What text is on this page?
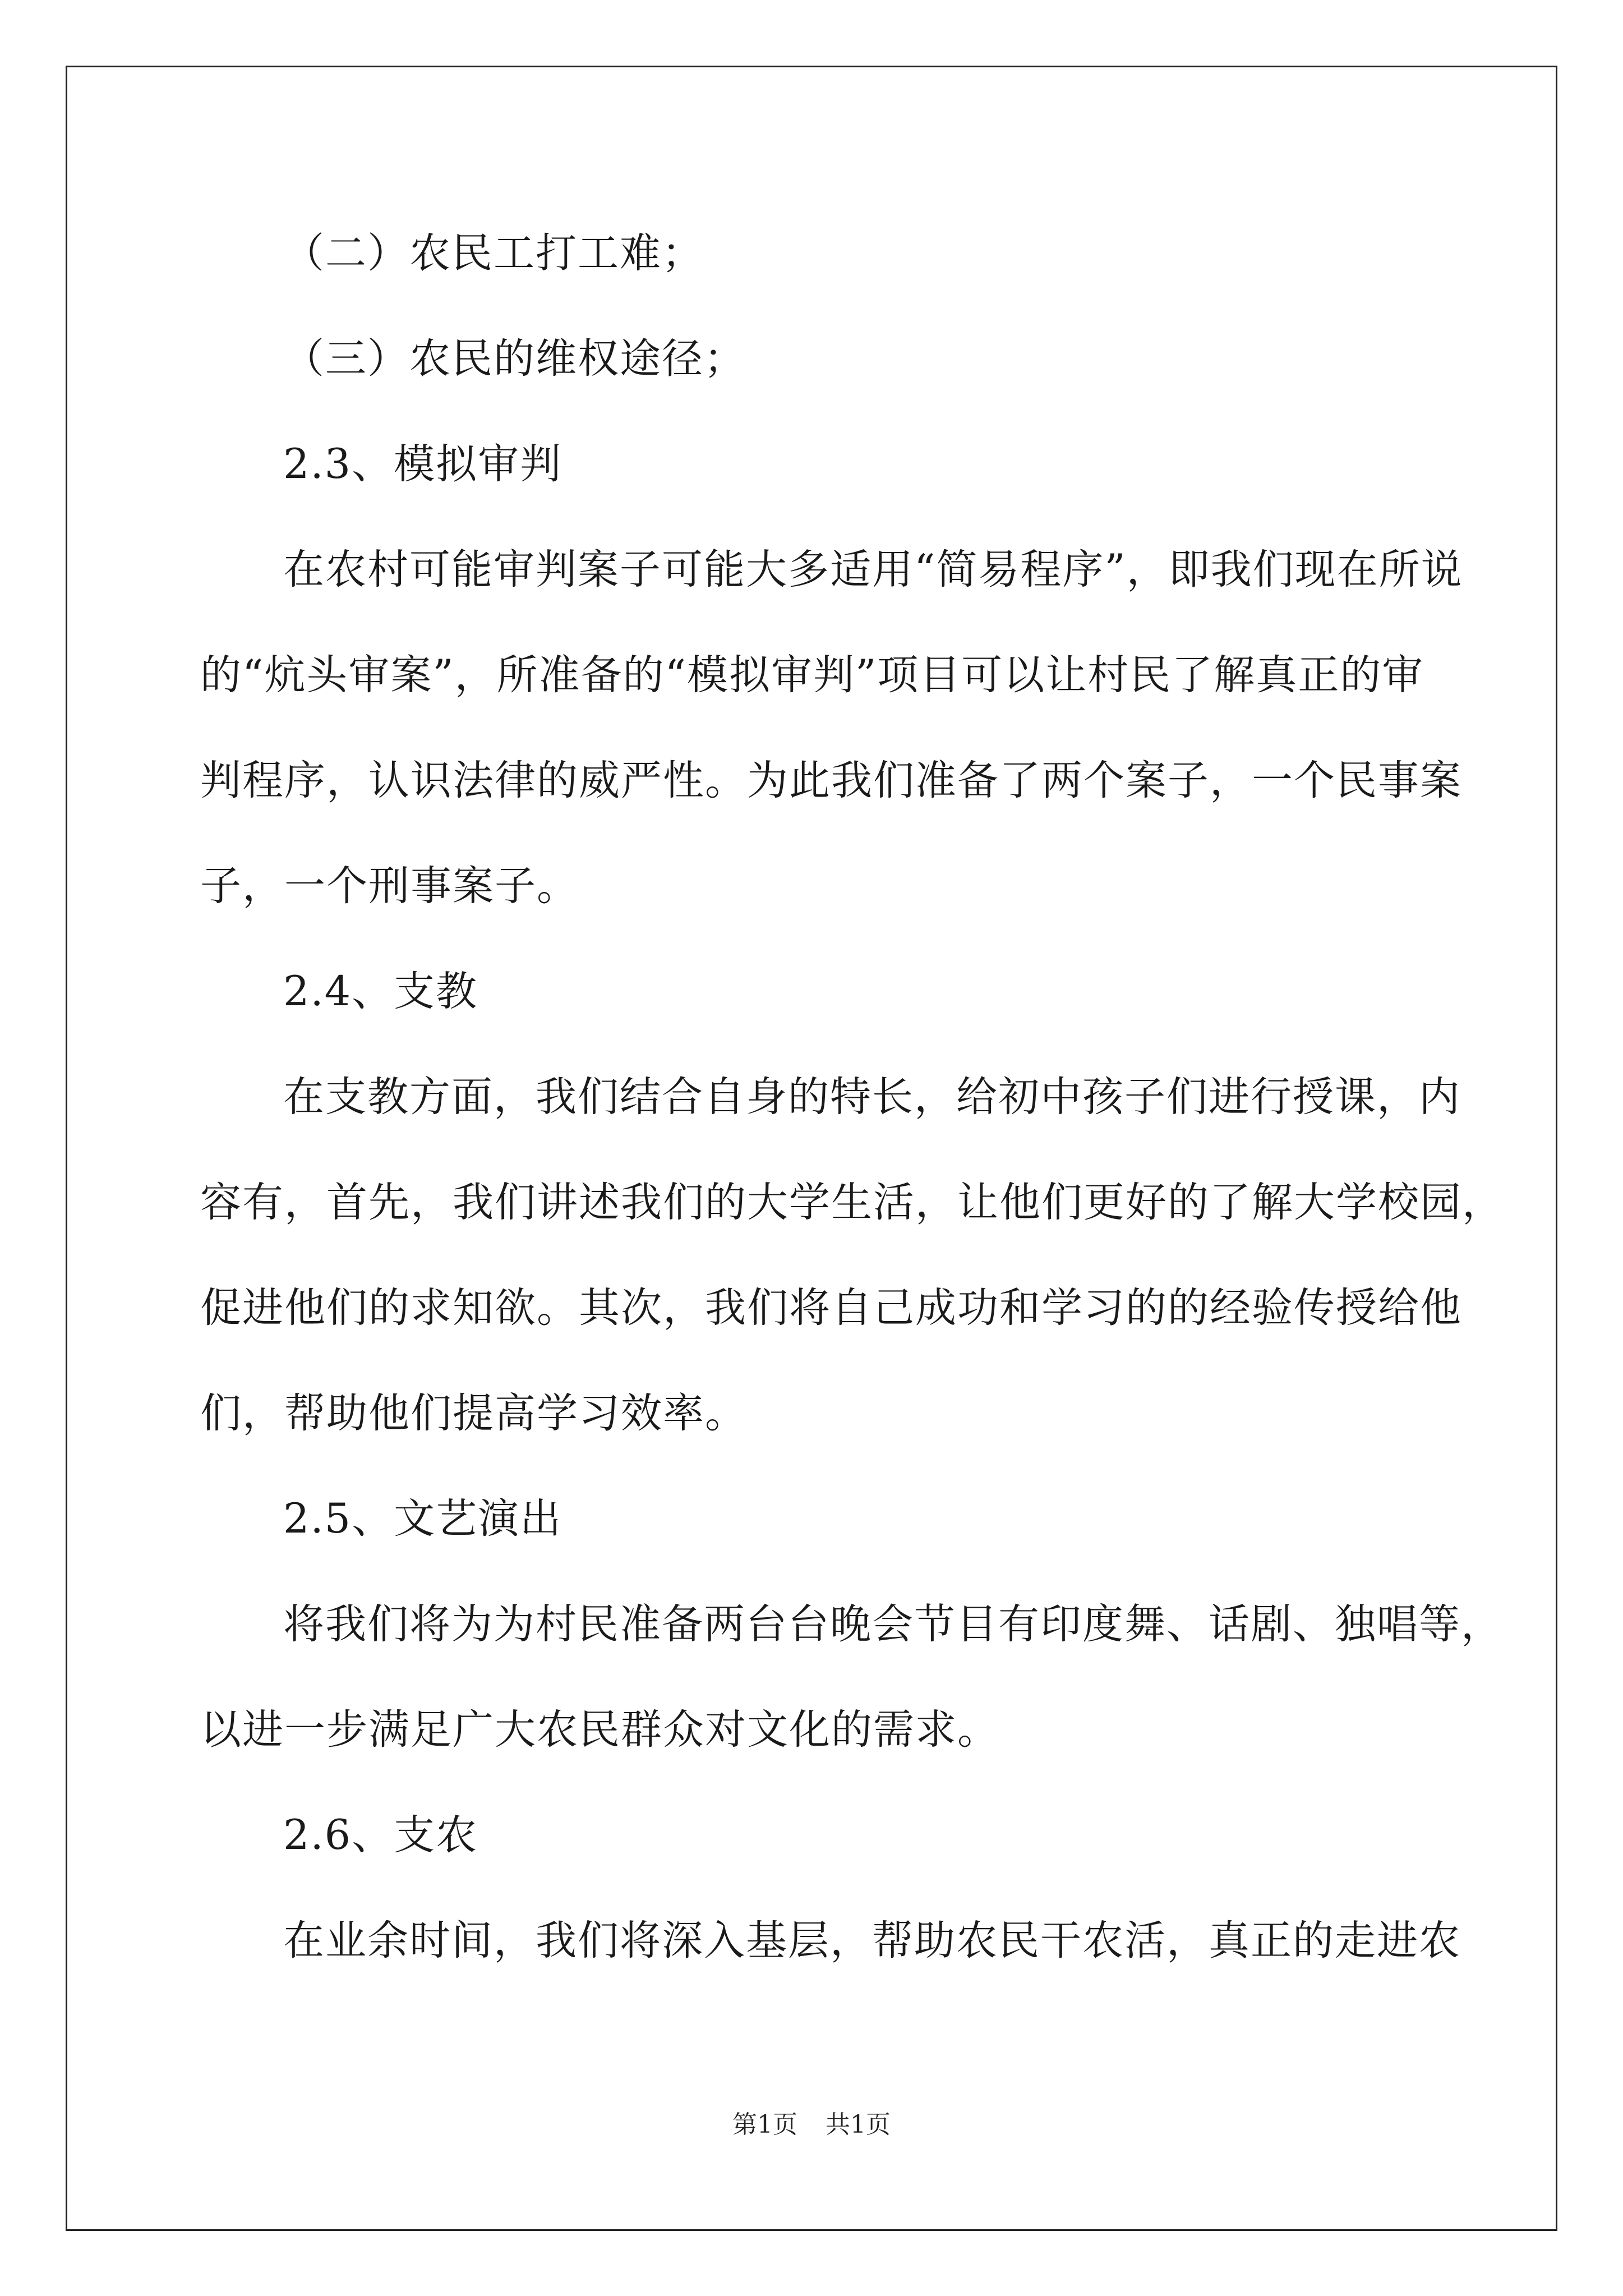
（二）农民工打工难；
（三）农民的维权途径；
2.3、模拟审判
在农村可能审判案子可能大多适用“简易程序”，即我们现在所说
的“炕头审案”，所准备的“模拟审判”项目可以让村民了解真正的审
判程序，认识法律的威严性。为此我们准备了两个案子，一个民事案
子，一个刑事案子。
2.4、支教
在支教方面，我们结合自身的特长，给初中孩子们进行授课，内
容有，首先，我们讲述我们的大学生活，让他们更好的了解大学校园，
促进他们的求知欲。其次，我们将自己成功和学习的的经验传授给他
们，帮助他们提高学习效率。
2.5、文艺演出
将我们将为为村民准备两台台晚会节目有印度舞、话剧、独唱等，
以进一步满足广大农民群众对文化的需求。
2.6、支农
在业余时间，我们将深入基层，帮助农民干农活，真正的走进农
第1页 共1页
